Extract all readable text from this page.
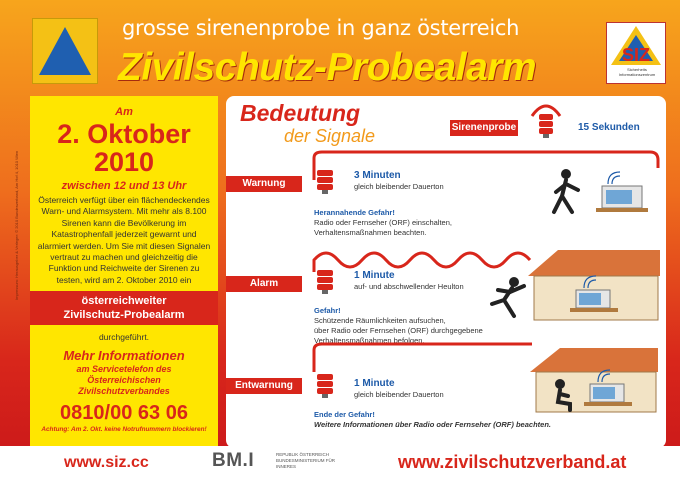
grosse sirenenprobe in ganz österreich
Zivilschutz-Probealarm	SIZ
Sicherheits Informationszentrum
Impressum: Herausgeber & Verleger: © 2010 Bundesverband, Am Hof 4, 1010 Wien
Am
2. Oktober
2010
zwischen 12 und 13 Uhr
Österreich verfügt über ein flächendeckendes Warn- und Alarmsystem. Mit mehr als 8.100 Sirenen kann die Bevölkerung im Katastrophenfall jederzeit gewarnt und alarmiert werden. Um Sie mit diesen Signalen vertraut zu machen und gleichzeitig die Funktion und Reichweite der Sirenen zu testen, wird am 2. Oktober 2010 ein
österreichweiter
Zivilschutz-Probealarm
durchgeführt.
Mehr Informationen
am Servicetelefon des
Österreichischen
Zivilschutzverbandes
0810/00 63 06
Achtung: Am 2. Okt. keine Notrufnummern blockieren!
Bedeutung
der Signale	Sirenenprobe	15 Sekunden
Warnung
3 Minuten
gleich bleibender Dauerton
Herannahende Gefahr!
Radio oder Fernseher (ORF) einschalten,
Verhaltensmaßnahmen beachten.
Alarm
1 Minute
auf- und abschwellender Heulton
Gefahr!
Schützende Räumlichkeiten aufsuchen,
über Radio oder Fernsehen (ORF) durchgegebene
Verhaltensmaßnahmen befolgen.
Entwarnung	1 Minute
gleich bleibender Dauerton
Ende der Gefahr!
Weitere Informationen über Radio oder Fernseher (ORF) beachten.
www.siz.cc	BM.I	REPUBLIK ÖSTERREICH BUNDESMINISTERIUM FÜR INNERES	www.zivilschutzverband.at
